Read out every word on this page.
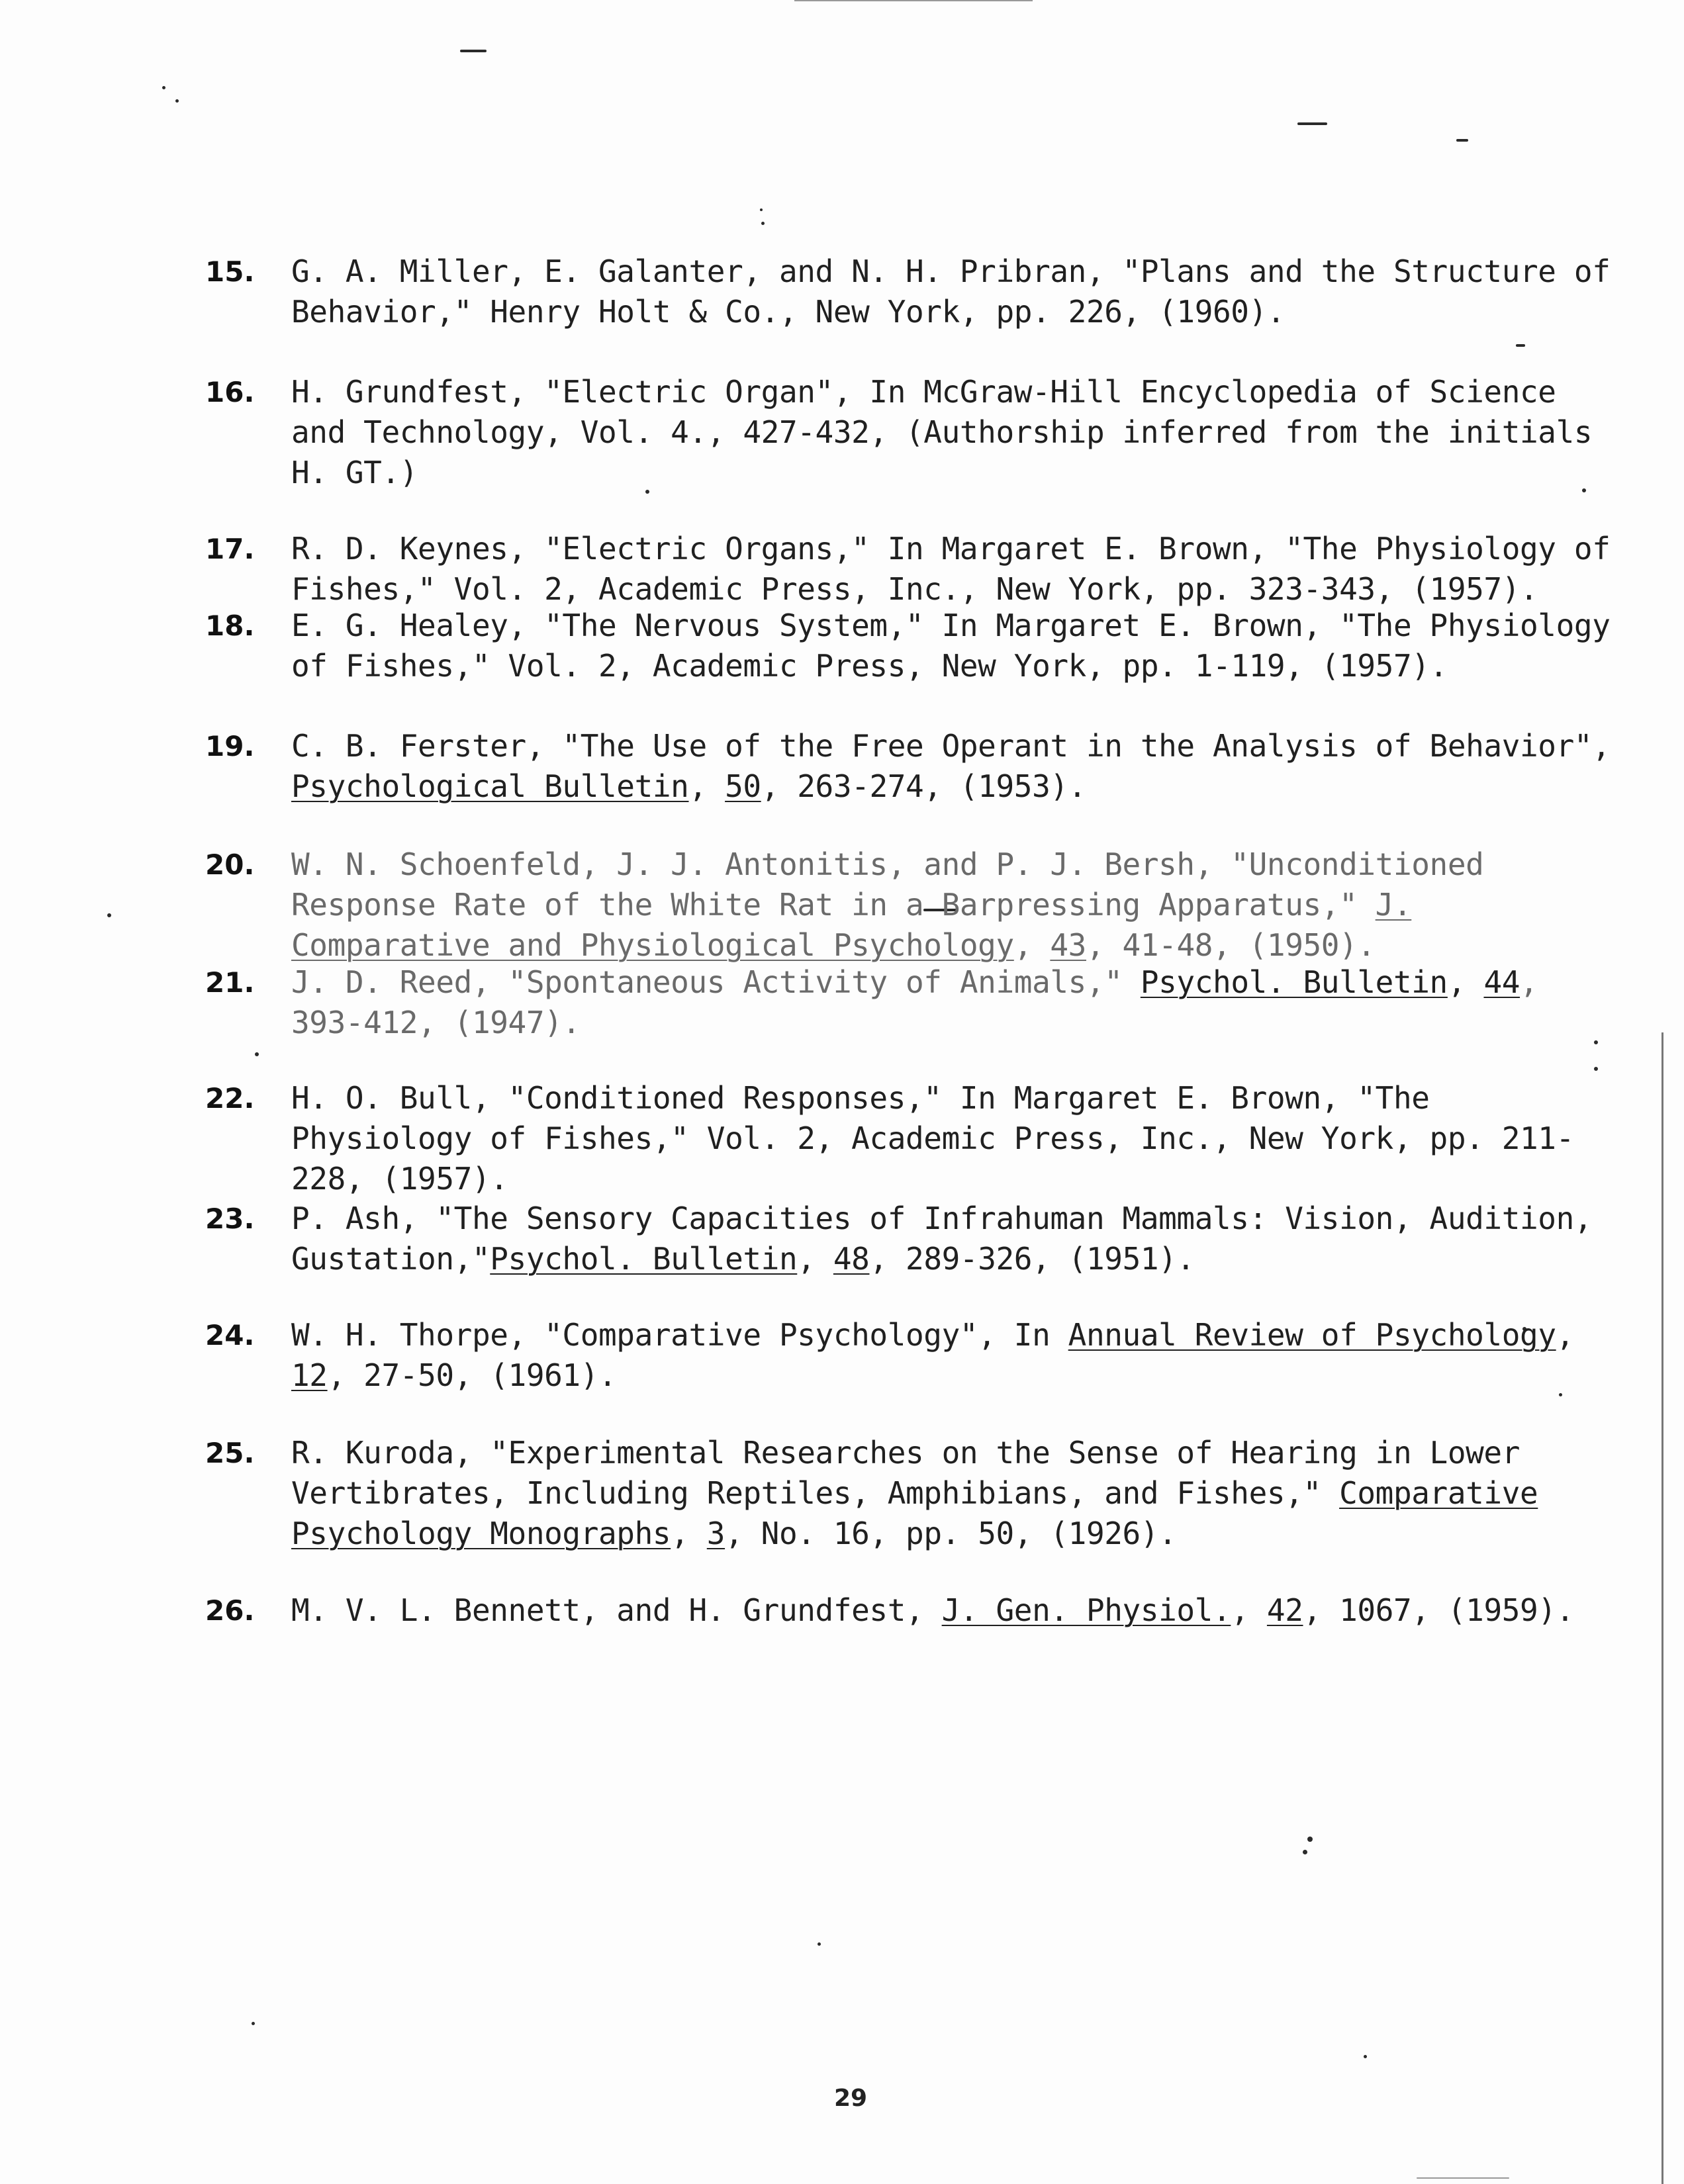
15.	G. A. Miller, E. Galanter, and N. H. Pribran, "Plans and the Structure of Behavior," Henry Holt & Co., New York, pp. 226, (1960).
16.	H. Grundfest, "Electric Organ", In McGraw-Hill Encyclopedia of Science and Technology, Vol. 4., 427-432, (Authorship inferred from the initials H. GT.)
17.	R. D. Keynes, "Electric Organs," In Margaret E. Brown, "The Physiology of Fishes," Vol. 2, Academic Press, Inc., New York, pp. 323-343, (1957).
18.	E. G. Healey, "The Nervous System," In Margaret E. Brown, "The Physiology of Fishes," Vol. 2, Academic Press, New York, pp. 1-119, (1957).
19.	C. B. Ferster, "The Use of the Free Operant in the Analysis of Behavior", Psychological Bulletin, 50, 263-274, (1953).
20.	W. N. Schoenfeld, J. J. Antonitis, and P. J. Bersh, "Unconditioned Response Rate of the White Rat in a Barpressing Apparatus," J. Comparative and Physiological Psychology, 43, 41-48, (1950).
21.	J. D. Reed, "Spontaneous Activity of Animals," Psychol. Bulletin, 44, 393-412, (1947).
22.	H. O. Bull, "Conditioned Responses," In Margaret E. Brown, "The Physiology of Fishes," Vol. 2, Academic Press, Inc., New York, pp. 211-228, (1957).
23.	P. Ash, "The Sensory Capacities of Infrahuman Mammals: Vision, Audition, Gustation,"Psychol. Bulletin, 48, 289-326, (1951).
24.	W. H. Thorpe, "Comparative Psychology", In Annual Review of Psychology, 12, 27-50, (1961).
25.	R. Kuroda, "Experimental Researches on the Sense of Hearing in Lower Vertibrates, Including Reptiles, Amphibians, and Fishes," Comparative Psychology Monographs, 3, No. 16, pp. 50, (1926).
26.	M. V. L. Bennett, and H. Grundfest, J. Gen. Physiol., 42, 1067, (1959).
29
